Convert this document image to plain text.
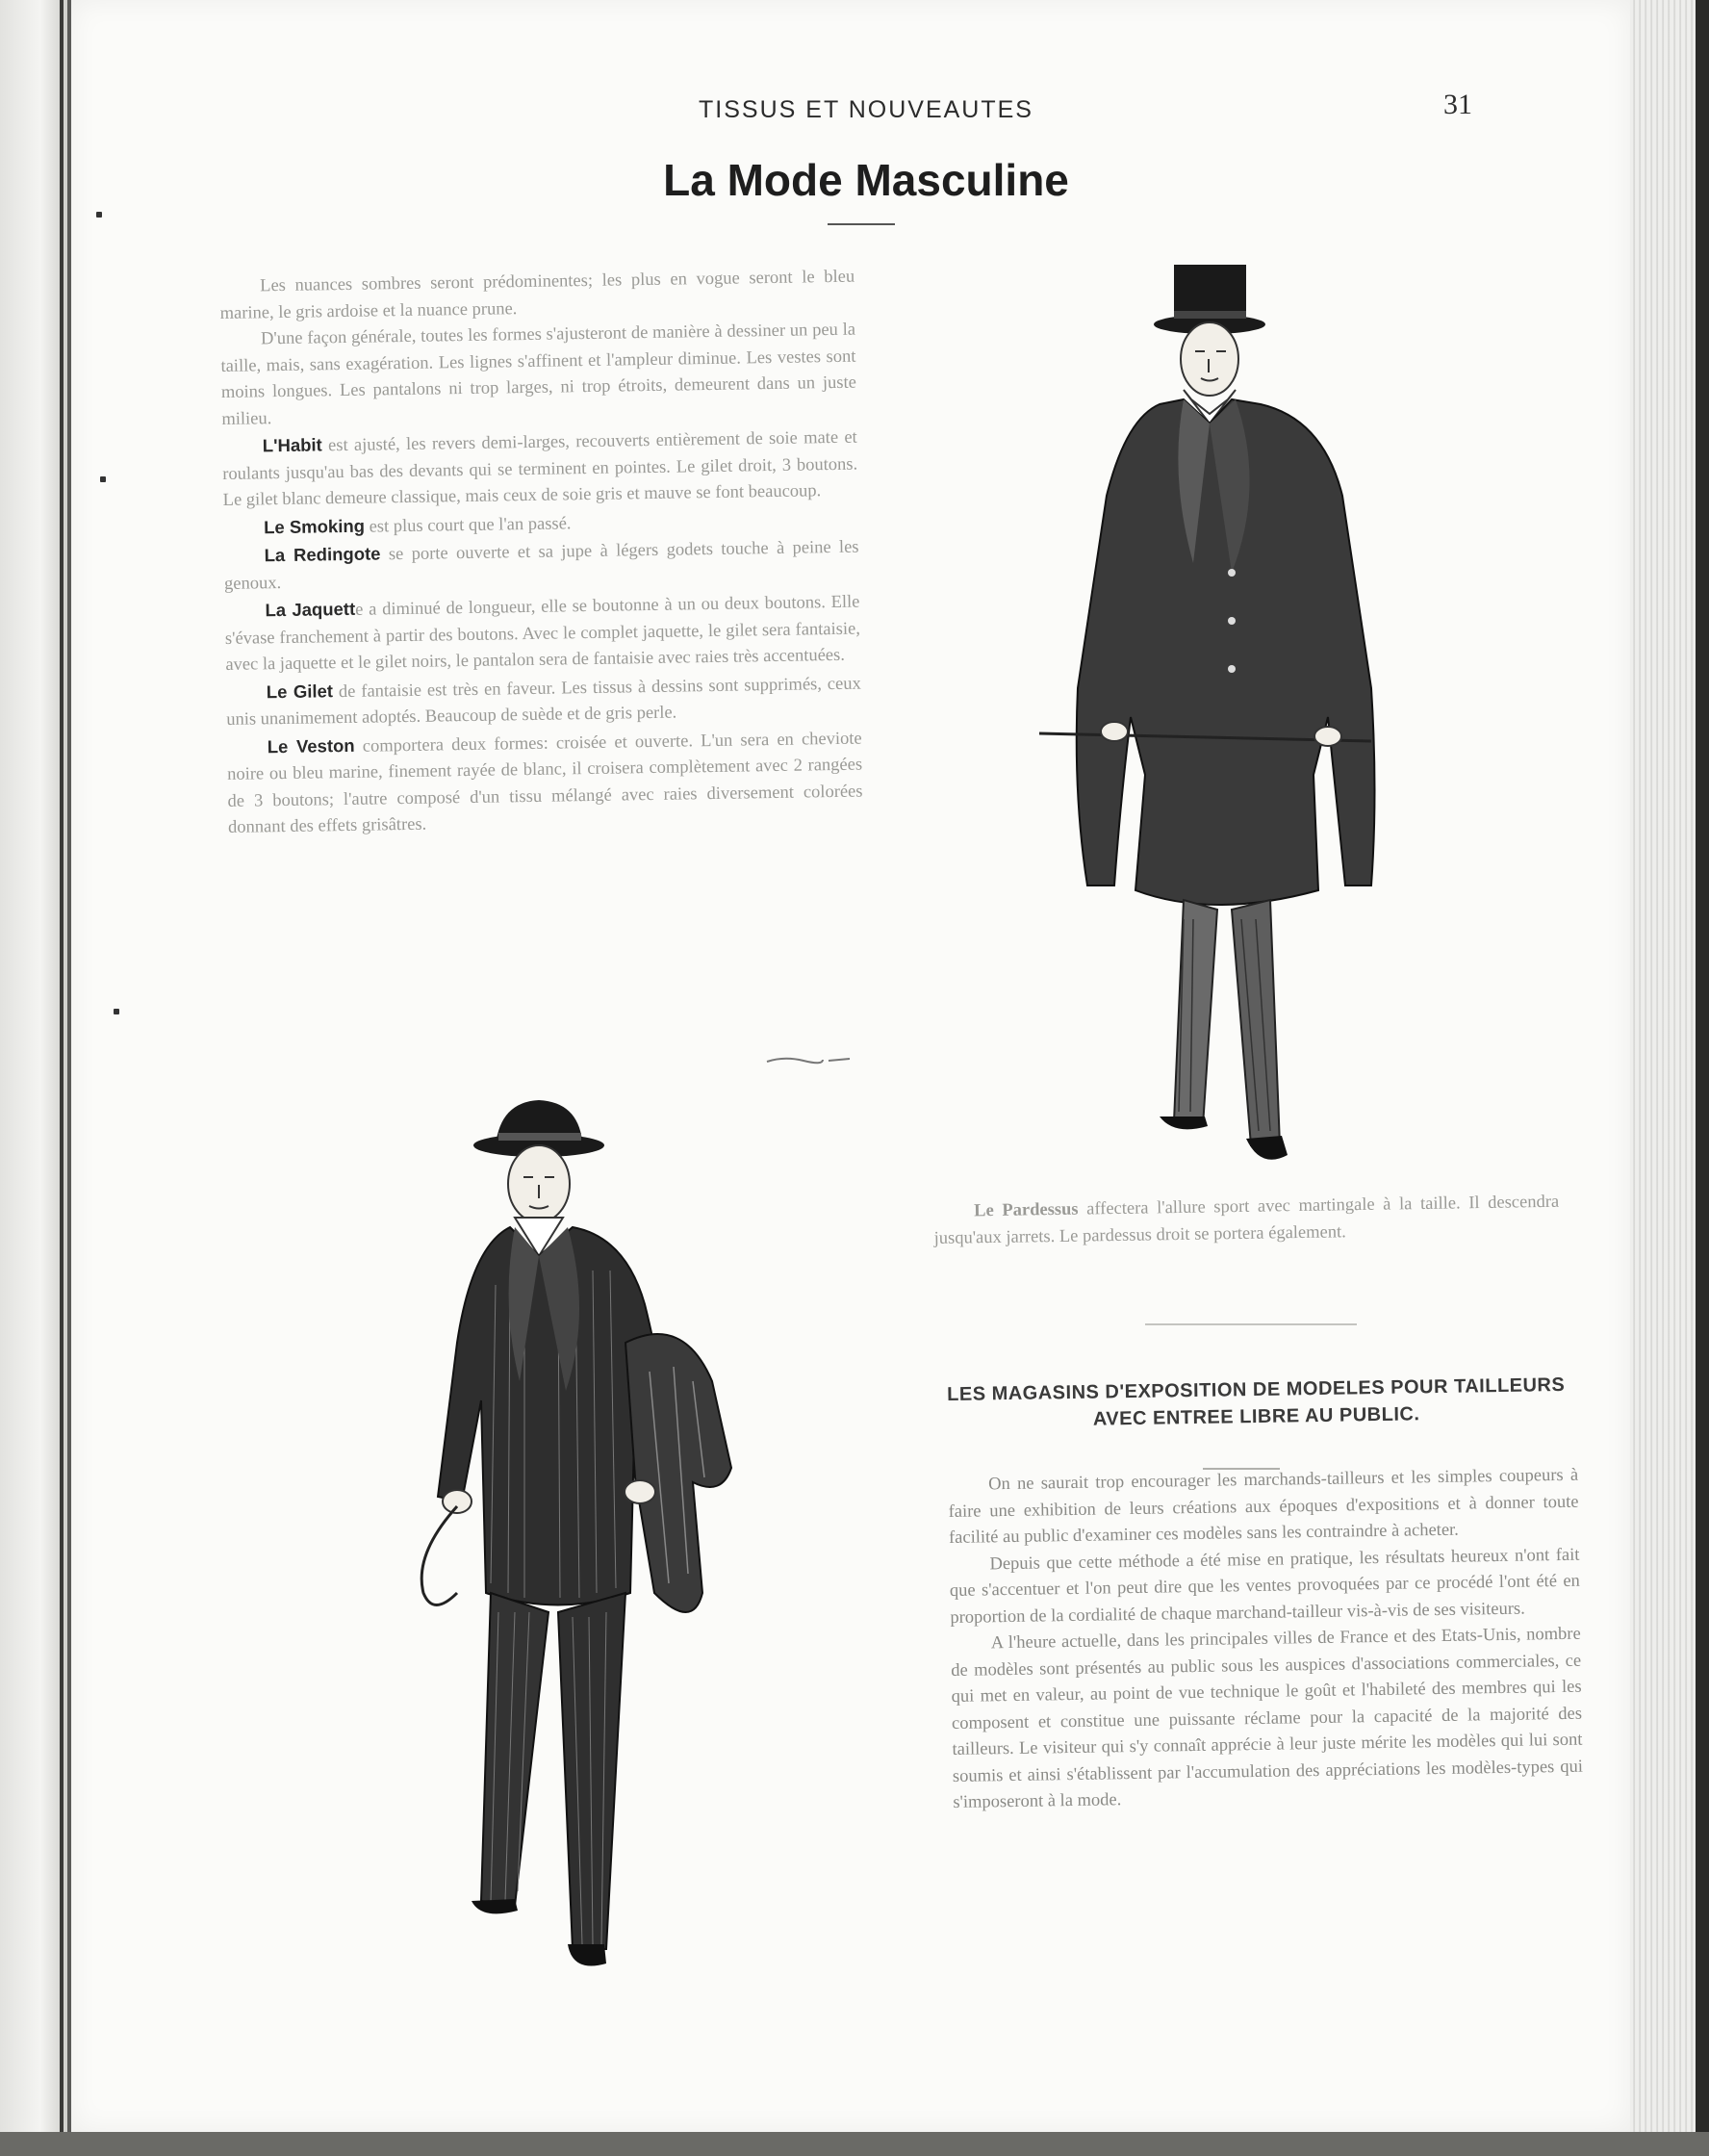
TISSUS ET NOUVEAUTES	31
La Mode Masculine

Les nuances sombres seront prédominentes; les plus en vogue seront le bleu marine, le gris ardoise et la nuance prune.

D'une façon générale, toutes les formes s'ajusteront de manière à dessiner un peu la taille, mais, sans exagération. Les lignes s'affinent et l'ampleur diminue. Les vestes sont moins longues. Les pantalons ni trop larges, ni trop étroits, demeurent dans un juste milieu.

L'Habit est ajusté, les revers demi-larges, recouverts entièrement de soie mate et roulants jusqu'au bas des devants qui se terminent en pointes. Le gilet droit, 3 boutons. Le gilet blanc demeure classique, mais ceux de soie gris et mauve se font beaucoup.

Le Smoking est plus court que l'an passé.

La Redingote se porte ouverte et sa jupe à légers godets touche à peine les genoux.

La Jaquette a diminué de longueur, elle se boutonne à un ou deux boutons. Elle s'évase franchement à partir des boutons. Avec le complet jaquette, le gilet sera fantaisie, avec la jaquette et le gilet noirs, le pantalon sera de fantaisie avec raies très accentuées.

Le Gilet de fantaisie est très en faveur. Les tissus à dessins sont supprimés, ceux unis unanimement adoptés. Beaucoup de suède et de gris perle.

Le Veston comportera deux formes: croisée et ouverte. L'un sera en cheviote noire ou bleu marine, finement rayée de blanc, il croisera complètement avec 2 rangées de 3 boutons; l'autre composé d'un tissu mélangé avec raies diversement colorées donnant des effets grisâtres.

Le Pardessus affectera l'allure sport avec martingale à la taille. Il descendra jusqu'aux jarrets. Le pardessus droit se portera également.

LES MAGASINS D'EXPOSITION DE MODELES POUR TAILLEURS AVEC ENTREE LIBRE AU PUBLIC.

On ne saurait trop encourager les marchands-tailleurs et les simples coupeurs à faire une exhibition de leurs créations aux époques d'expositions et à donner toute facilité au public d'examiner ces modèles sans les contraindre à acheter.

Depuis que cette méthode a été mise en pratique, les résultats heureux n'ont fait que s'accentuer et l'on peut dire que les ventes provoquées par ce procédé l'ont été en proportion de la cordialité de chaque marchand-tailleur vis-à-vis de ses visiteurs.

A l'heure actuelle, dans les principales villes de France et des Etats-Unis, nombre de modèles sont présentés au public sous les auspices d'associations commerciales, ce qui met en valeur, au point de vue technique le goût et l'habileté des membres qui les composent et constitue une puissante réclame pour la capacité de la majorité des tailleurs. Le visiteur qui s'y connaît apprécie à leur juste mérite les modèles qui lui sont soumis et ainsi s'établissent par l'accumulation des appréciations les modèles-types qui s'imposeront à la mode.
